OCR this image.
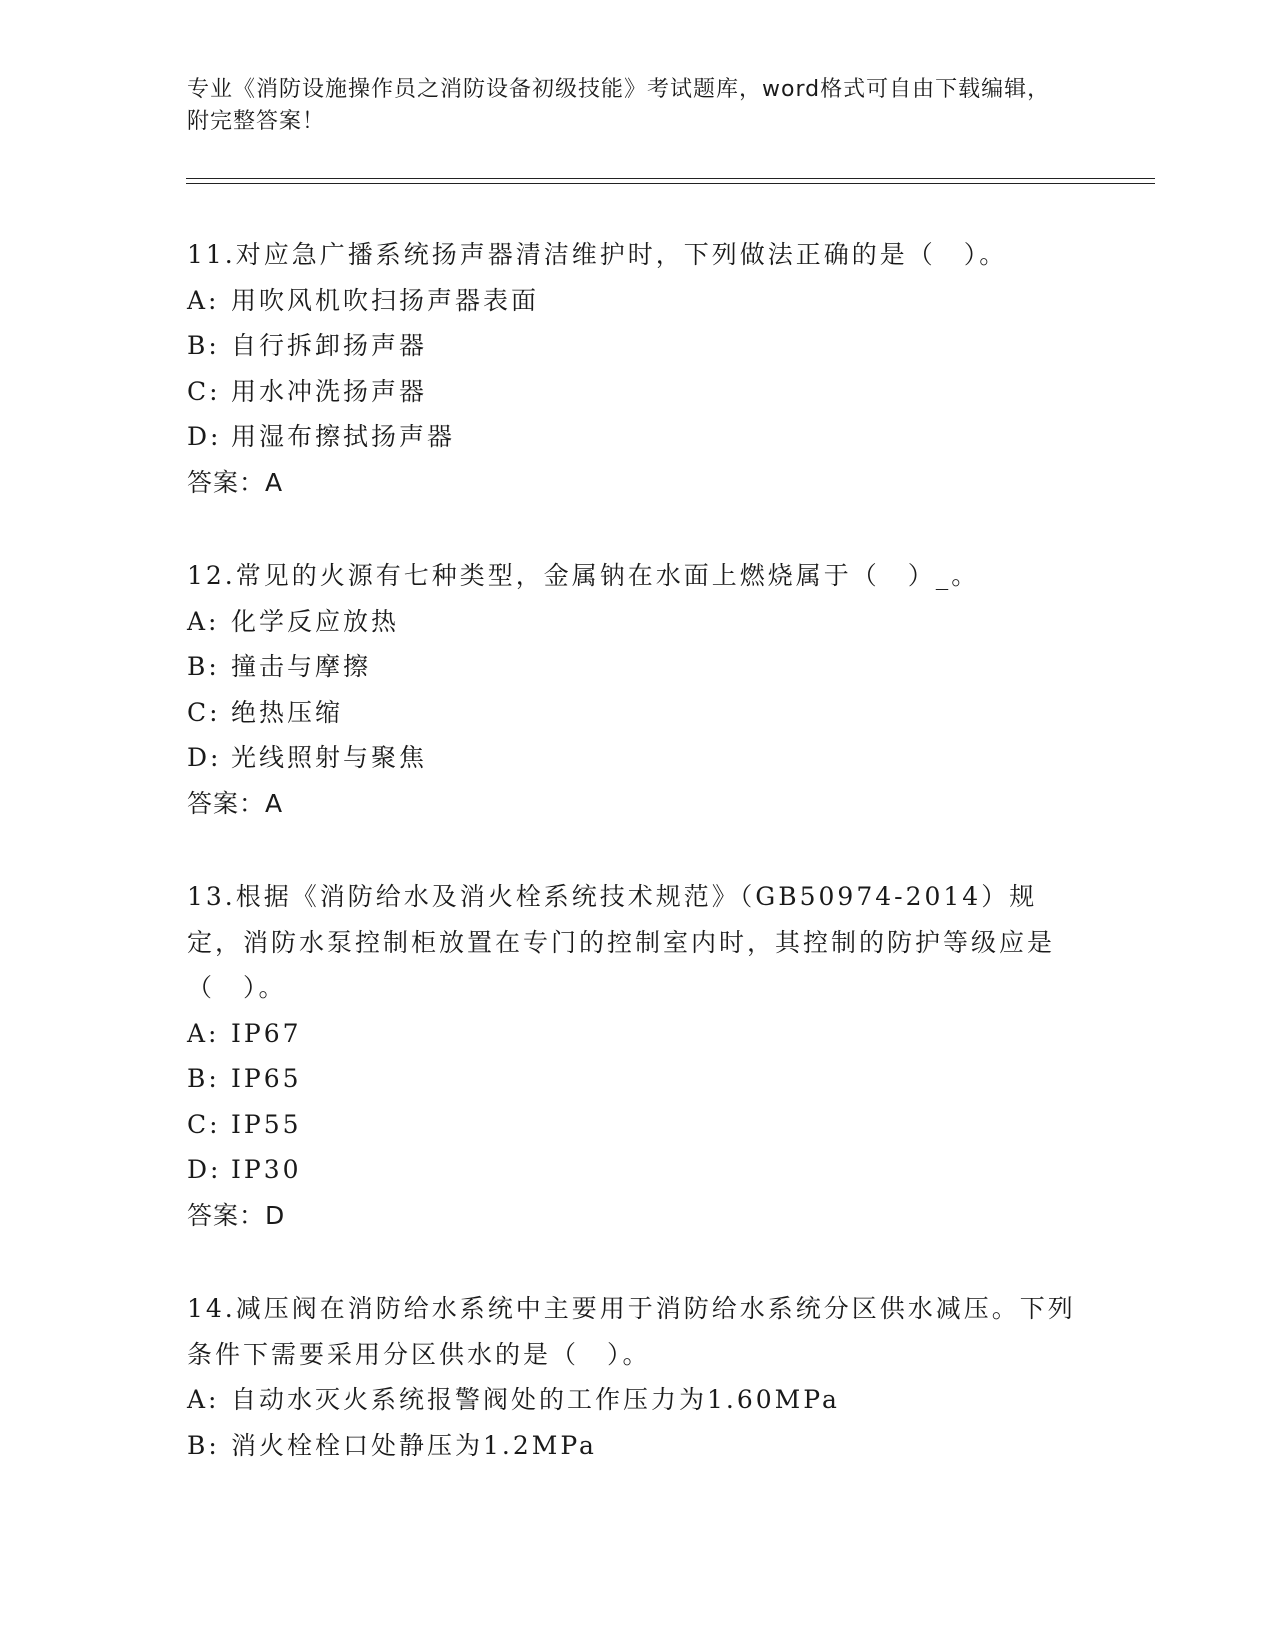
专业《消防设施操作员之消防设备初级技能》考试题库，word格式可自由下载编辑，附完整答案！
11.对应急广播系统扬声器清洁维护时，下列做法正确的是（　）。
A: 用吹风机吹扫扬声器表面
B: 自行拆卸扬声器
C: 用水冲洗扬声器
D: 用湿布擦拭扬声器
答案：A
12.常见的火源有七种类型，金属钠在水面上燃烧属于（　）_。
A: 化学反应放热
B: 撞击与摩擦
C: 绝热压缩
D: 光线照射与聚焦
答案：A
13.根据《消防给水及消火栓系统技术规范》（GB50974-2014）规定，消防水泵控制柜放置在专门的控制室内时，其控制的防护等级应是（　）。
A: IP67
B: IP65
C: IP55
D: IP30
答案：D
14.减压阀在消防给水系统中主要用于消防给水系统分区供水减压。下列条件下需要采用分区供水的是（　）。
A: 自动水灭火系统报警阀处的工作压力为1.60MPa
B: 消火栓栓口处静压为1.2MPa
